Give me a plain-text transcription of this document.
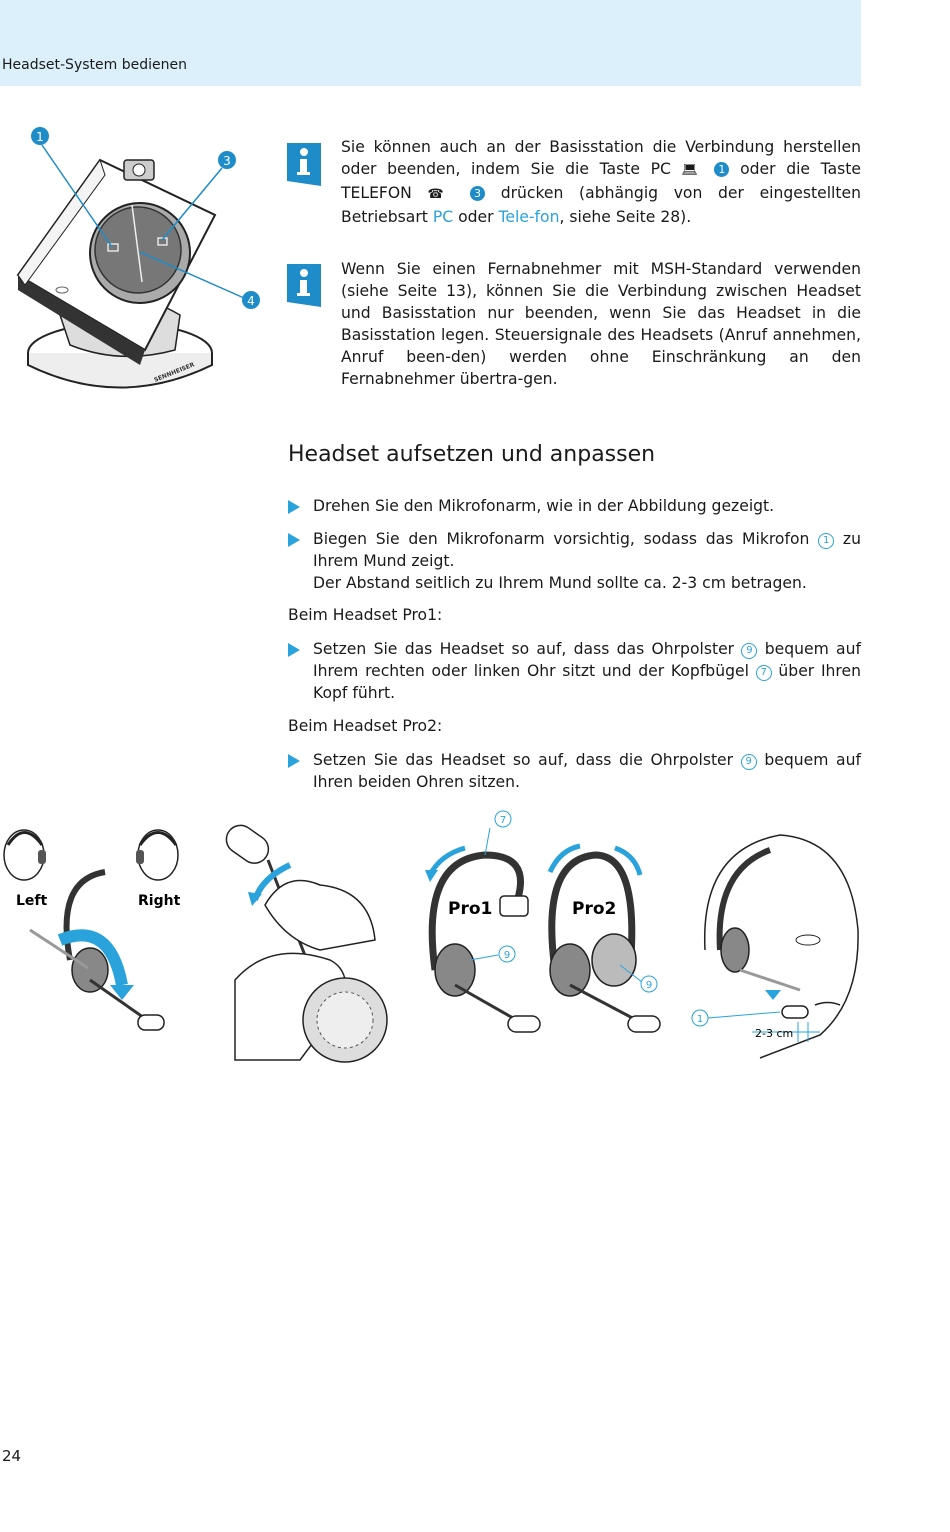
Headset-System bedienen
SENNHEISER
1
3
4
Sie können auch an der Basisstation die Verbindung herstellen oder beenden, indem Sie die Taste PC 💻︎ 1 oder die Taste TELEFON ☎︎ 3 drücken (abhängig von der eingestellten Betriebsart PC oder Tele-fon, siehe Seite 28).
Wenn Sie einen Fernabnehmer mit MSH-Standard verwenden (siehe Seite 13), können Sie die Verbindung zwischen Headset und Basisstation nur beenden, wenn Sie das Headset in die Basisstation legen. Steuersignale des Headsets (Anruf annehmen, Anruf been-den) werden ohne Einschränkung an den Fernabnehmer übertra-gen.
Headset aufsetzen und anpassen
Drehen Sie den Mikrofonarm, wie in der Abbildung gezeigt.
Biegen Sie den Mikrofonarm vorsichtig, sodass das Mikrofon 1 zu Ihrem Mund zeigt.
Der Abstand seitlich zu Ihrem Mund sollte ca. 2-3 cm betragen.
Beim Headset Pro1:
Setzen Sie das Headset so auf, dass das Ohrpolster 9 bequem auf Ihrem rechten oder linken Ohr sitzt und der Kopfbügel 7 über Ihren Kopf führt.
Beim Headset Pro2:
Setzen Sie das Headset so auf, dass die Ohrpolster 9 bequem auf Ihren beiden Ohren sitzen.
Left	Right	Pro1
7
9
Pro2
9
2-3 cm
1
24
